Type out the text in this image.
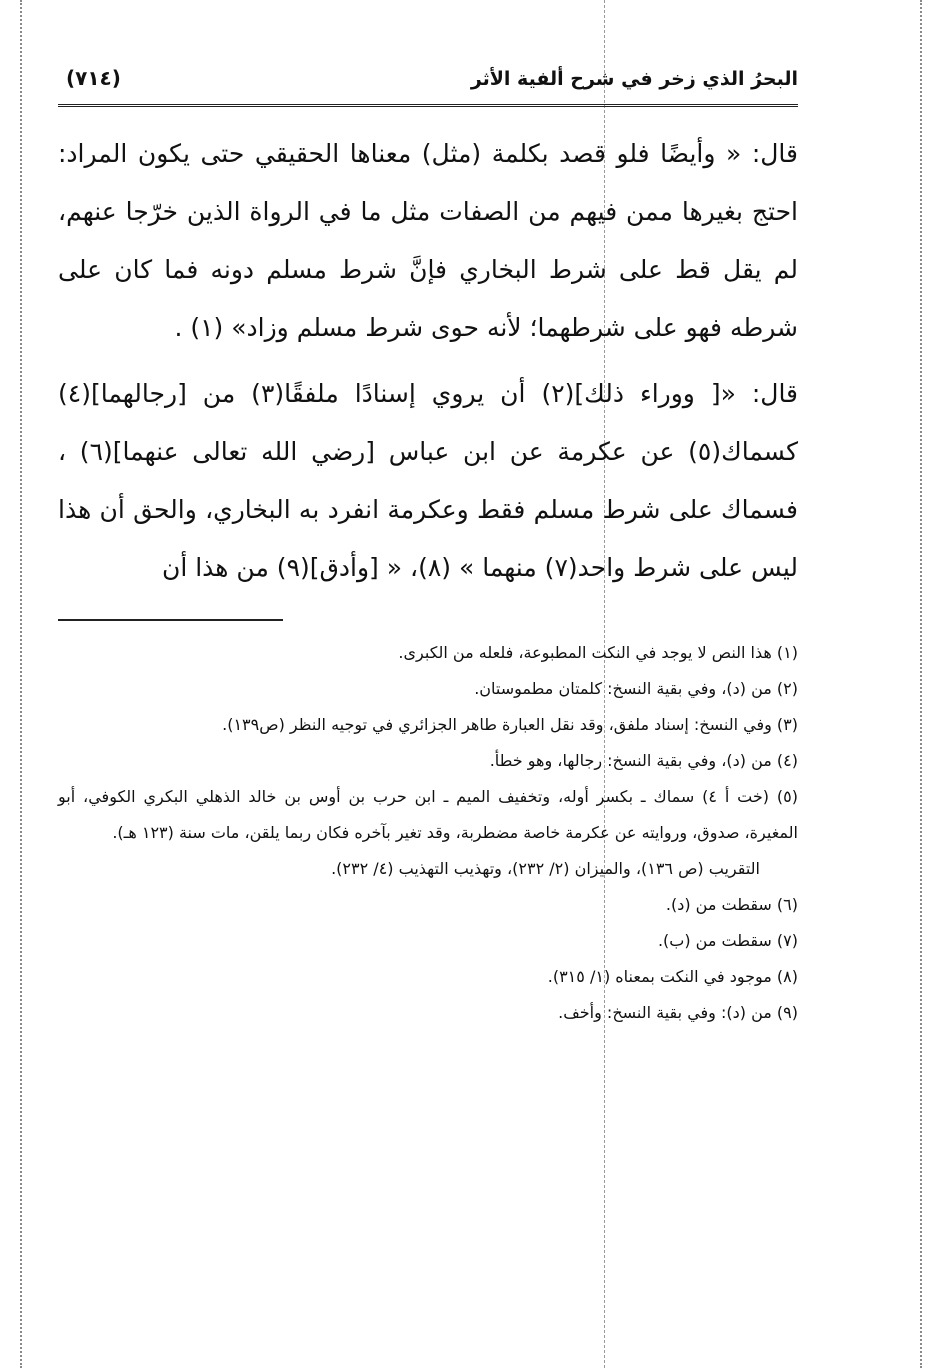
البحرُ الذي زخر في شرح ألفية الأثر
(٧١٤)

قال: « وأيضًا فلو قصد بكلمة (مثل) معناها الحقيقي حتى يكون المراد: احتج بغيرها ممن فيهم من الصفات مثل ما في الرواة الذين خرّجا عنهم، لم يقل قط على شرط البخاري فإنَّ شرط مسلم دونه فما كان على شرطه فهو على شرطهما؛ لأنه حوى شرط مسلم وزاد» (١) .

قال: «[ ووراء ذلك](٢) أن يروي إسنادًا ملفقًا(٣) من [رجالهما](٤) كسماك(٥) عن عكرمة عن ابن عباس [رضي الله تعالى عنهما](٦) ، فسماك على شرط مسلم فقط وعكرمة انفرد به البخاري، والحق أن هذا ليس على شرط واحد(٧) منهما » (٨)، « [وأدق](٩) من هذا أن

(١) هذا النص لا يوجد في النكت المطبوعة، فلعله من الكبرى.

(٢) من (د)، وفي بقية النسخ: كلمتان مطموستان.

(٣) وفي النسخ: إسناد ملفق، وقد نقل العبارة طاهر الجزائري في توجيه النظر (ص١٣٩).

(٤) من (د)، وفي بقية النسخ: رجالها، وهو خطأ.

(٥) (خت أ ٤) سماك ـ بكسر أوله، وتخفيف الميم ـ ابن حرب بن أوس بن خالد الذهلي البكري الكوفي، أبو المغيرة، صدوق، وروايته عن عكرمة خاصة مضطربة، وقد تغير بآخره فكان ربما يلقن، مات سنة (١٢٣ هـ).

التقريب (ص ١٣٦)، والميزان (٢/ ٢٣٢)، وتهذيب التهذيب (٤/ ٢٣٢).

(٦) سقطت من (د).

(٧) سقطت من (ب).

(٨) موجود في النكت بمعناه (١/ ٣١٥).

(٩) من (د): وفي بقية النسخ: وأخف.
